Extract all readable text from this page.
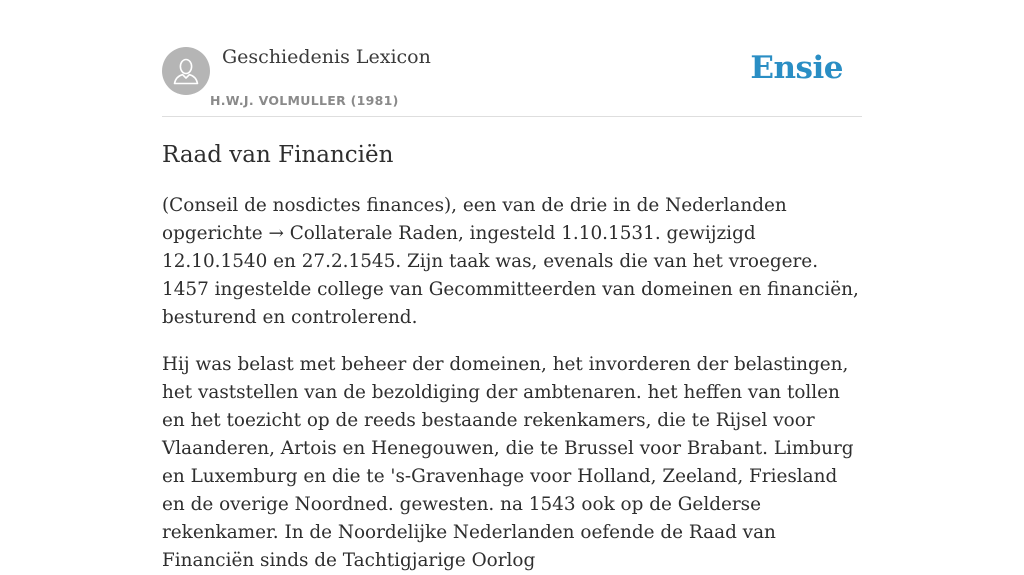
Geschiedenis Lexicon
H.W.J. VOLMULLER (1981)
Ensie
Raad van Financiën

(Conseil de nosdictes finances), een van de drie in de Nederlanden opgerichte → Collaterale Raden, ingesteld 1.10.1531. gewijzigd 12.10.1540 en 27.2.1545. Zijn taak was, evenals die van het vroegere. 1457 ingestelde college van Gecommitteerden van domeinen en financiën, besturend en controlerend.

Hij was belast met beheer der domeinen, het invorderen der belastingen, het vaststellen van de bezoldiging der ambtenaren. het heffen van tollen en het toezicht op de reeds bestaande rekenkamers, die te Rijsel voor Vlaanderen, Artois en Henegouwen, die te Brussel voor Brabant. Limburg en Luxemburg en die te 's-Gravenhage voor Holland, Zeeland, Friesland en de overige Noordned. gewesten. na 1543 ook op de Gelderse rekenkamer. In de Noordelijke Nederlanden oefende de Raad van Financiën sinds de Tachtigjarige Oorlog
